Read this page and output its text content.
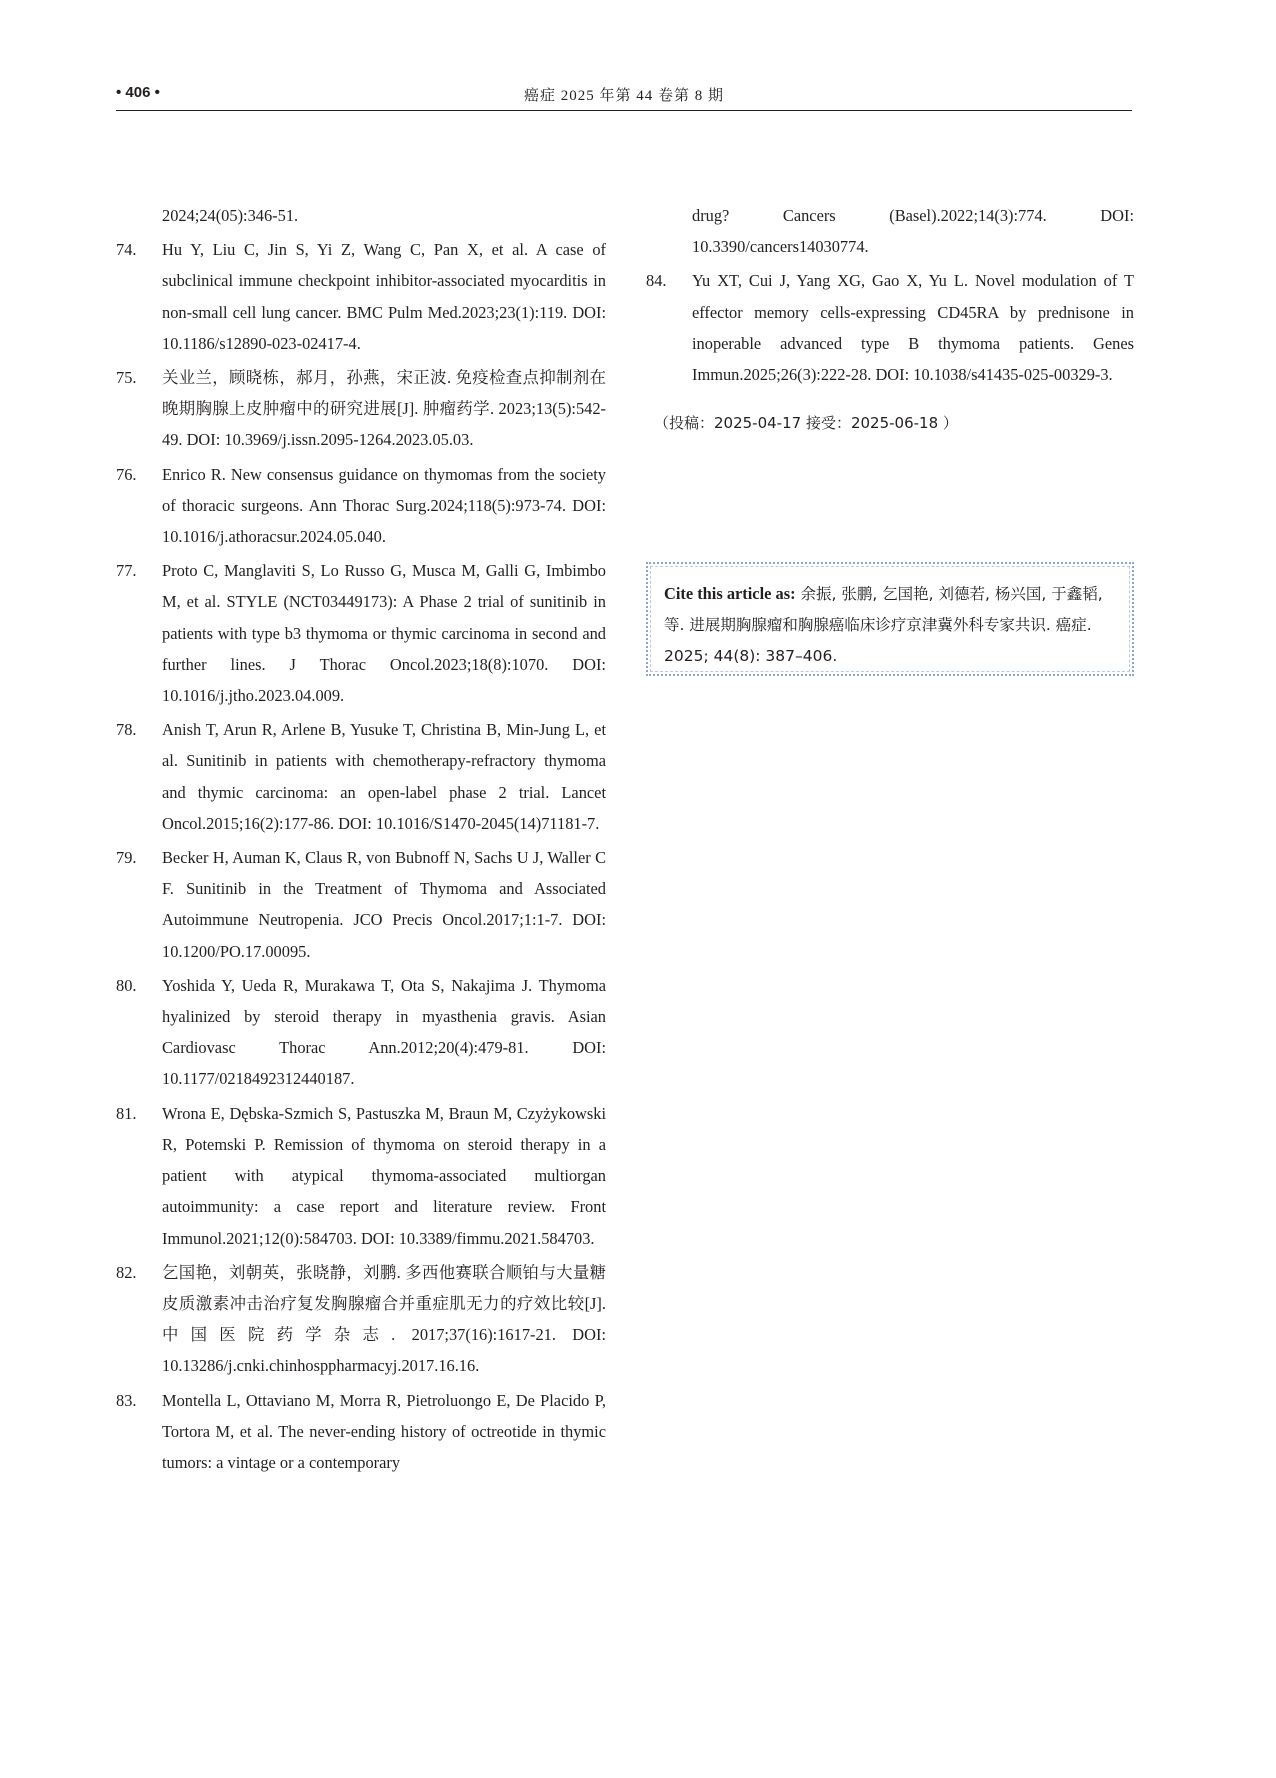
• 406 •	癌症 2025 年第 44 卷第 8 期
2024;24(05):346-51.
74. Hu Y, Liu C, Jin S, Yi Z, Wang C, Pan X, et al. A case of subclinical immune checkpoint inhibitor-associated myocarditis in non-small cell lung cancer. BMC Pulm Med.2023;23(1):119. DOI: 10.1186/s12890-023-02417-4.
75. 关业兰，顾晓栋，郝月，孙燕，宋正波. 免疫检查点抑制剂在晚期胸腺上皮肿瘤中的研究进展[J]. 肿瘤药学. 2023;13(5):542-49. DOI: 10.3969/j.issn.2095-1264.2023.05.03.
76. Enrico R. New consensus guidance on thymomas from the society of thoracic surgeons. Ann Thorac Surg.2024;118(5):973-74. DOI: 10.1016/j.athoracsur.2024.05.040.
77. Proto C, Manglaviti S, Lo Russo G, Musca M, Galli G, Imbimbo M, et al. STYLE (NCT03449173): A Phase 2 trial of sunitinib in patients with type b3 thymoma or thymic carcinoma in second and further lines. J Thorac Oncol.2023;18(8):1070. DOI: 10.1016/j.jtho.2023.04.009.
78. Anish T, Arun R, Arlene B, Yusuke T, Christina B, Min-Jung L, et al. Sunitinib in patients with chemotherapy-refractory thymoma and thymic carcinoma: an open-label phase 2 trial. Lancet Oncol.2015;16(2):177-86. DOI: 10.1016/S1470-2045(14)71181-7.
79. Becker H, Auman K, Claus R, von Bubnoff N, Sachs U J, Waller C F. Sunitinib in the Treatment of Thymoma and Associated Autoimmune Neutropenia. JCO Precis Oncol.2017;1:1-7. DOI: 10.1200/PO.17.00095.
80. Yoshida Y, Ueda R, Murakawa T, Ota S, Nakajima J. Thymoma hyalinized by steroid therapy in myasthenia gravis. Asian Cardiovasc Thorac Ann.2012;20(4):479-81. DOI: 10.1177/0218492312440187.
81. Wrona E, Dębska-Szmich S, Pastuszka M, Braun M, Czyżykowski R, Potemski P. Remission of thymoma on steroid therapy in a patient with atypical thymoma-associated multiorgan autoimmunity: a case report and literature review. Front Immunol.2021;12(0):584703. DOI: 10.3389/fimmu.2021.584703.
82. 乞国艳，刘朝英，张晓静，刘鹏. 多西他赛联合顺铂与大量糖皮质激素冲击治疗复发胸腺瘤合并重症肌无力的疗效比较[J]. 中国医院药学杂志. 2017;37(16):1617-21. DOI: 10.13286/j.cnki.chinhosppharmacyj.2017.16.16.
83. Montella L, Ottaviano M, Morra R, Pietroluongo E, De Placido P, Tortora M, et al. The never-ending history of octreotide in thymic tumors: a vintage or a contemporary
drug? Cancers (Basel).2022;14(3):774. DOI: 10.3390/cancers14030774.
84. Yu XT, Cui J, Yang XG, Gao X, Yu L. Novel modulation of T effector memory cells-expressing CD45RA by prednisone in inoperable advanced type B thymoma patients. Genes Immun.2025;26(3):222-28. DOI: 10.1038/s41435-025-00329-3.
（投稿：2025-04-17 接受：2025-06-18 ）
Cite this article as: 余振, 张鹏, 乞国艳, 刘德若, 杨兴国, 于鑫韬, 等. 进展期胸腺瘤和胸腺癌临床诊疗京津冀外科专家共识. 癌症. 2025; 44(8): 387–406.
